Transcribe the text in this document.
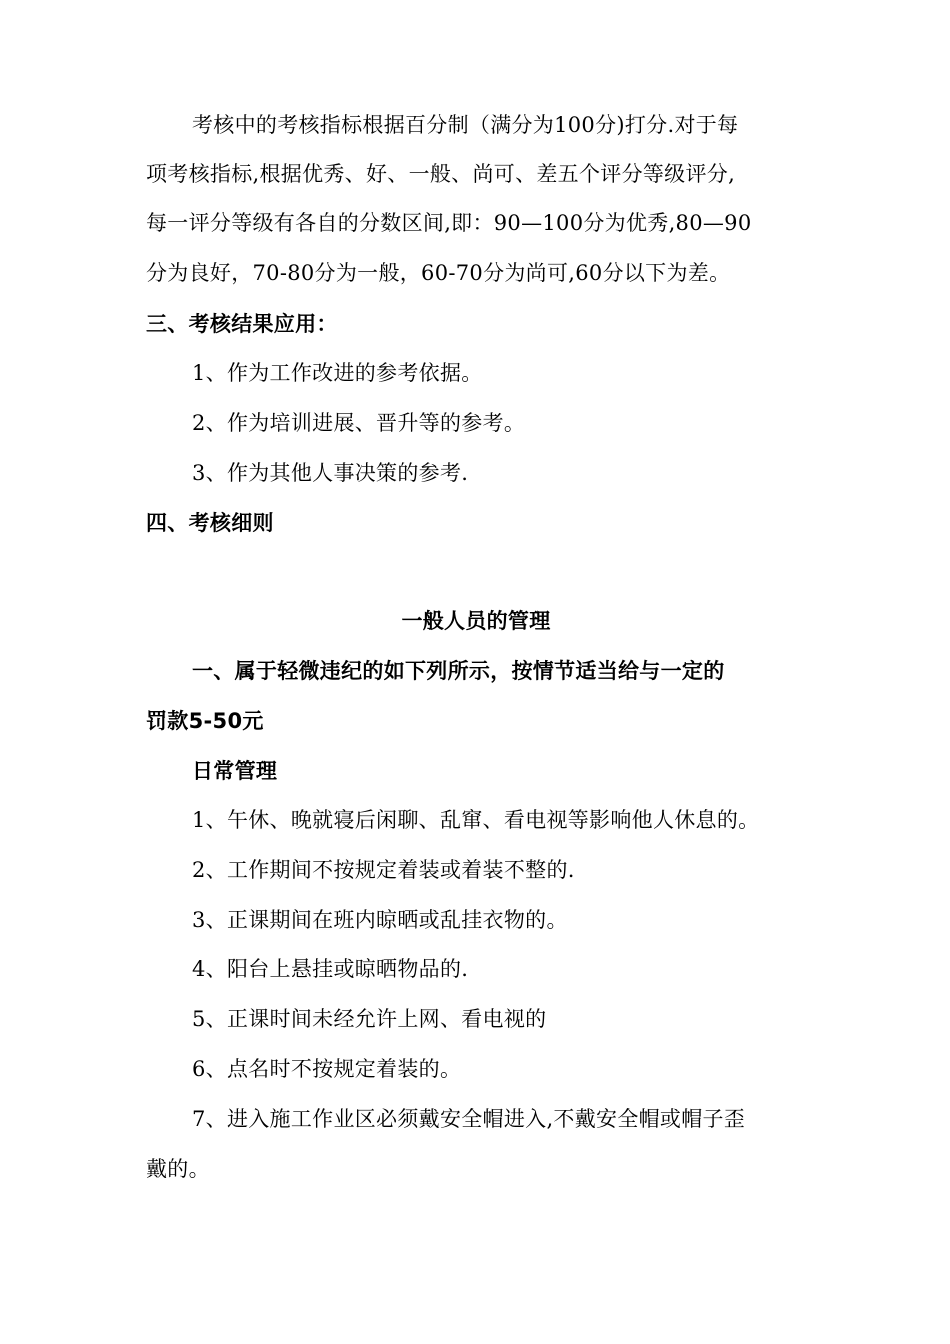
考核中的考核指标根据百分制（满分为100分)打分.对于每
项考核指标,根据优秀、好、一般、尚可、差五个评分等级评分,
每一评分等级有各自的分数区间,即：90—100分为优秀,80—90
分为良好，70-80分为一般，60-70分为尚可,60分以下为差。
三、考核结果应用：
1、作为工作改进的参考依据。
2、作为培训进展、晋升等的参考。
3、作为其他人事决策的参考.
四、考核细则
一般人员的管理
一、属于轻微违纪的如下列所示，按情节适当给与一定的
罚款5-50元
日常管理
1、午休、晚就寝后闲聊、乱窜、看电视等影响他人休息的。
2、工作期间不按规定着装或着装不整的.
3、正课期间在班内晾晒或乱挂衣物的。
4、阳台上悬挂或晾晒物品的.
5、正课时间未经允许上网、看电视的
6、点名时不按规定着装的。
7、进入施工作业区必须戴安全帽进入,不戴安全帽或帽子歪
戴的。
